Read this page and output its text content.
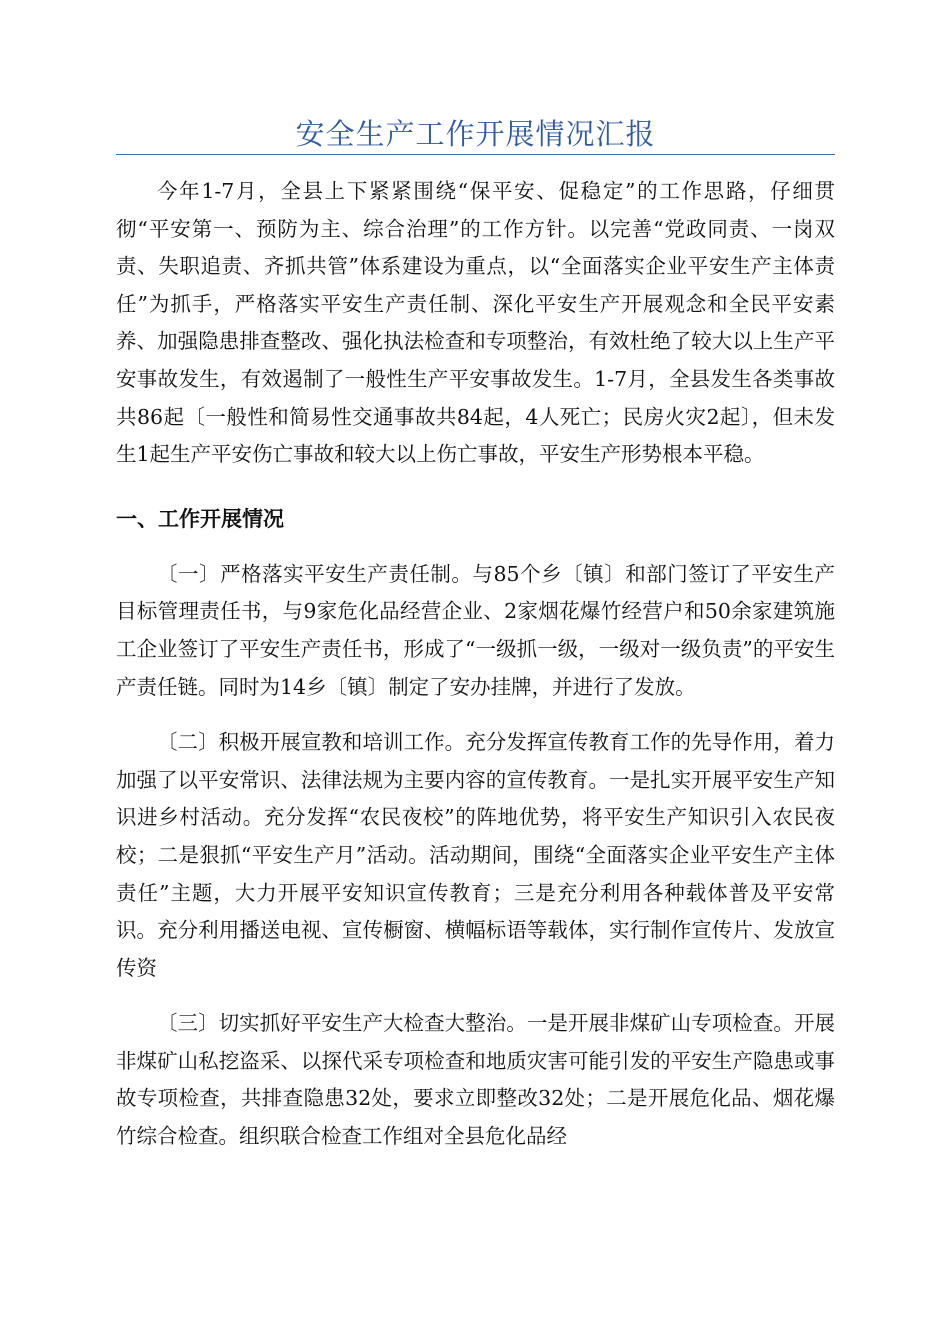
安全生产工作开展情况汇报

今年1-7月，全县上下紧紧围绕“保平安、促稳定”的工作思路，仔细贯彻“平安第一、预防为主、综合治理”的工作方针。以完善“党政同责、一岗双责、失职追责、齐抓共管”体系建设为重点，以“全面落实企业平安生产主体责任”为抓手，严格落实平安生产责任制、深化平安生产开展观念和全民平安素养、加强隐患排查整改、强化执法检查和专项整治，有效杜绝了较大以上生产平安事故发生，有效遏制了一般性生产平安事故发生。1-7月，全县发生各类事故共86起〔一般性和简易性交通事故共84起，4人死亡；民房火灾2起〕，但未发生1起生产平安伤亡事故和较大以上伤亡事故，平安生产形势根本平稳。

一、工作开展情况

〔一〕严格落实平安生产责任制。与85个乡〔镇〕和部门签订了平安生产目标管理责任书，与9家危化品经营企业、2家烟花爆竹经营户和50余家建筑施工企业签订了平安生产责任书，形成了“一级抓一级，一级对一级负责”的平安生产责任链。同时为14乡〔镇〕制定了安办挂牌，并进行了发放。

〔二〕积极开展宣教和培训工作。充分发挥宣传教育工作的先导作用，着力加强了以平安常识、法律法规为主要内容的宣传教育。一是扎实开展平安生产知识进乡村活动。充分发挥“农民夜校”的阵地优势，将平安生产知识引入农民夜校；二是狠抓“平安生产月”活动。活动期间，围绕“全面落实企业平安生产主体责任”主题，大力开展平安知识宣传教育；三是充分利用各种载体普及平安常识。充分利用播送电视、宣传橱窗、横幅标语等载体，实行制作宣传片、发放宣传资

〔三〕切实抓好平安生产大检查大整治。一是开展非煤矿山专项检查。开展非煤矿山私挖盗采、以探代采专项检查和地质灾害可能引发的平安生产隐患或事故专项检查，共排查隐患32处，要求立即整改32处；二是开展危化品、烟花爆竹综合检查。组织联合检查工作组对全县危化品经
